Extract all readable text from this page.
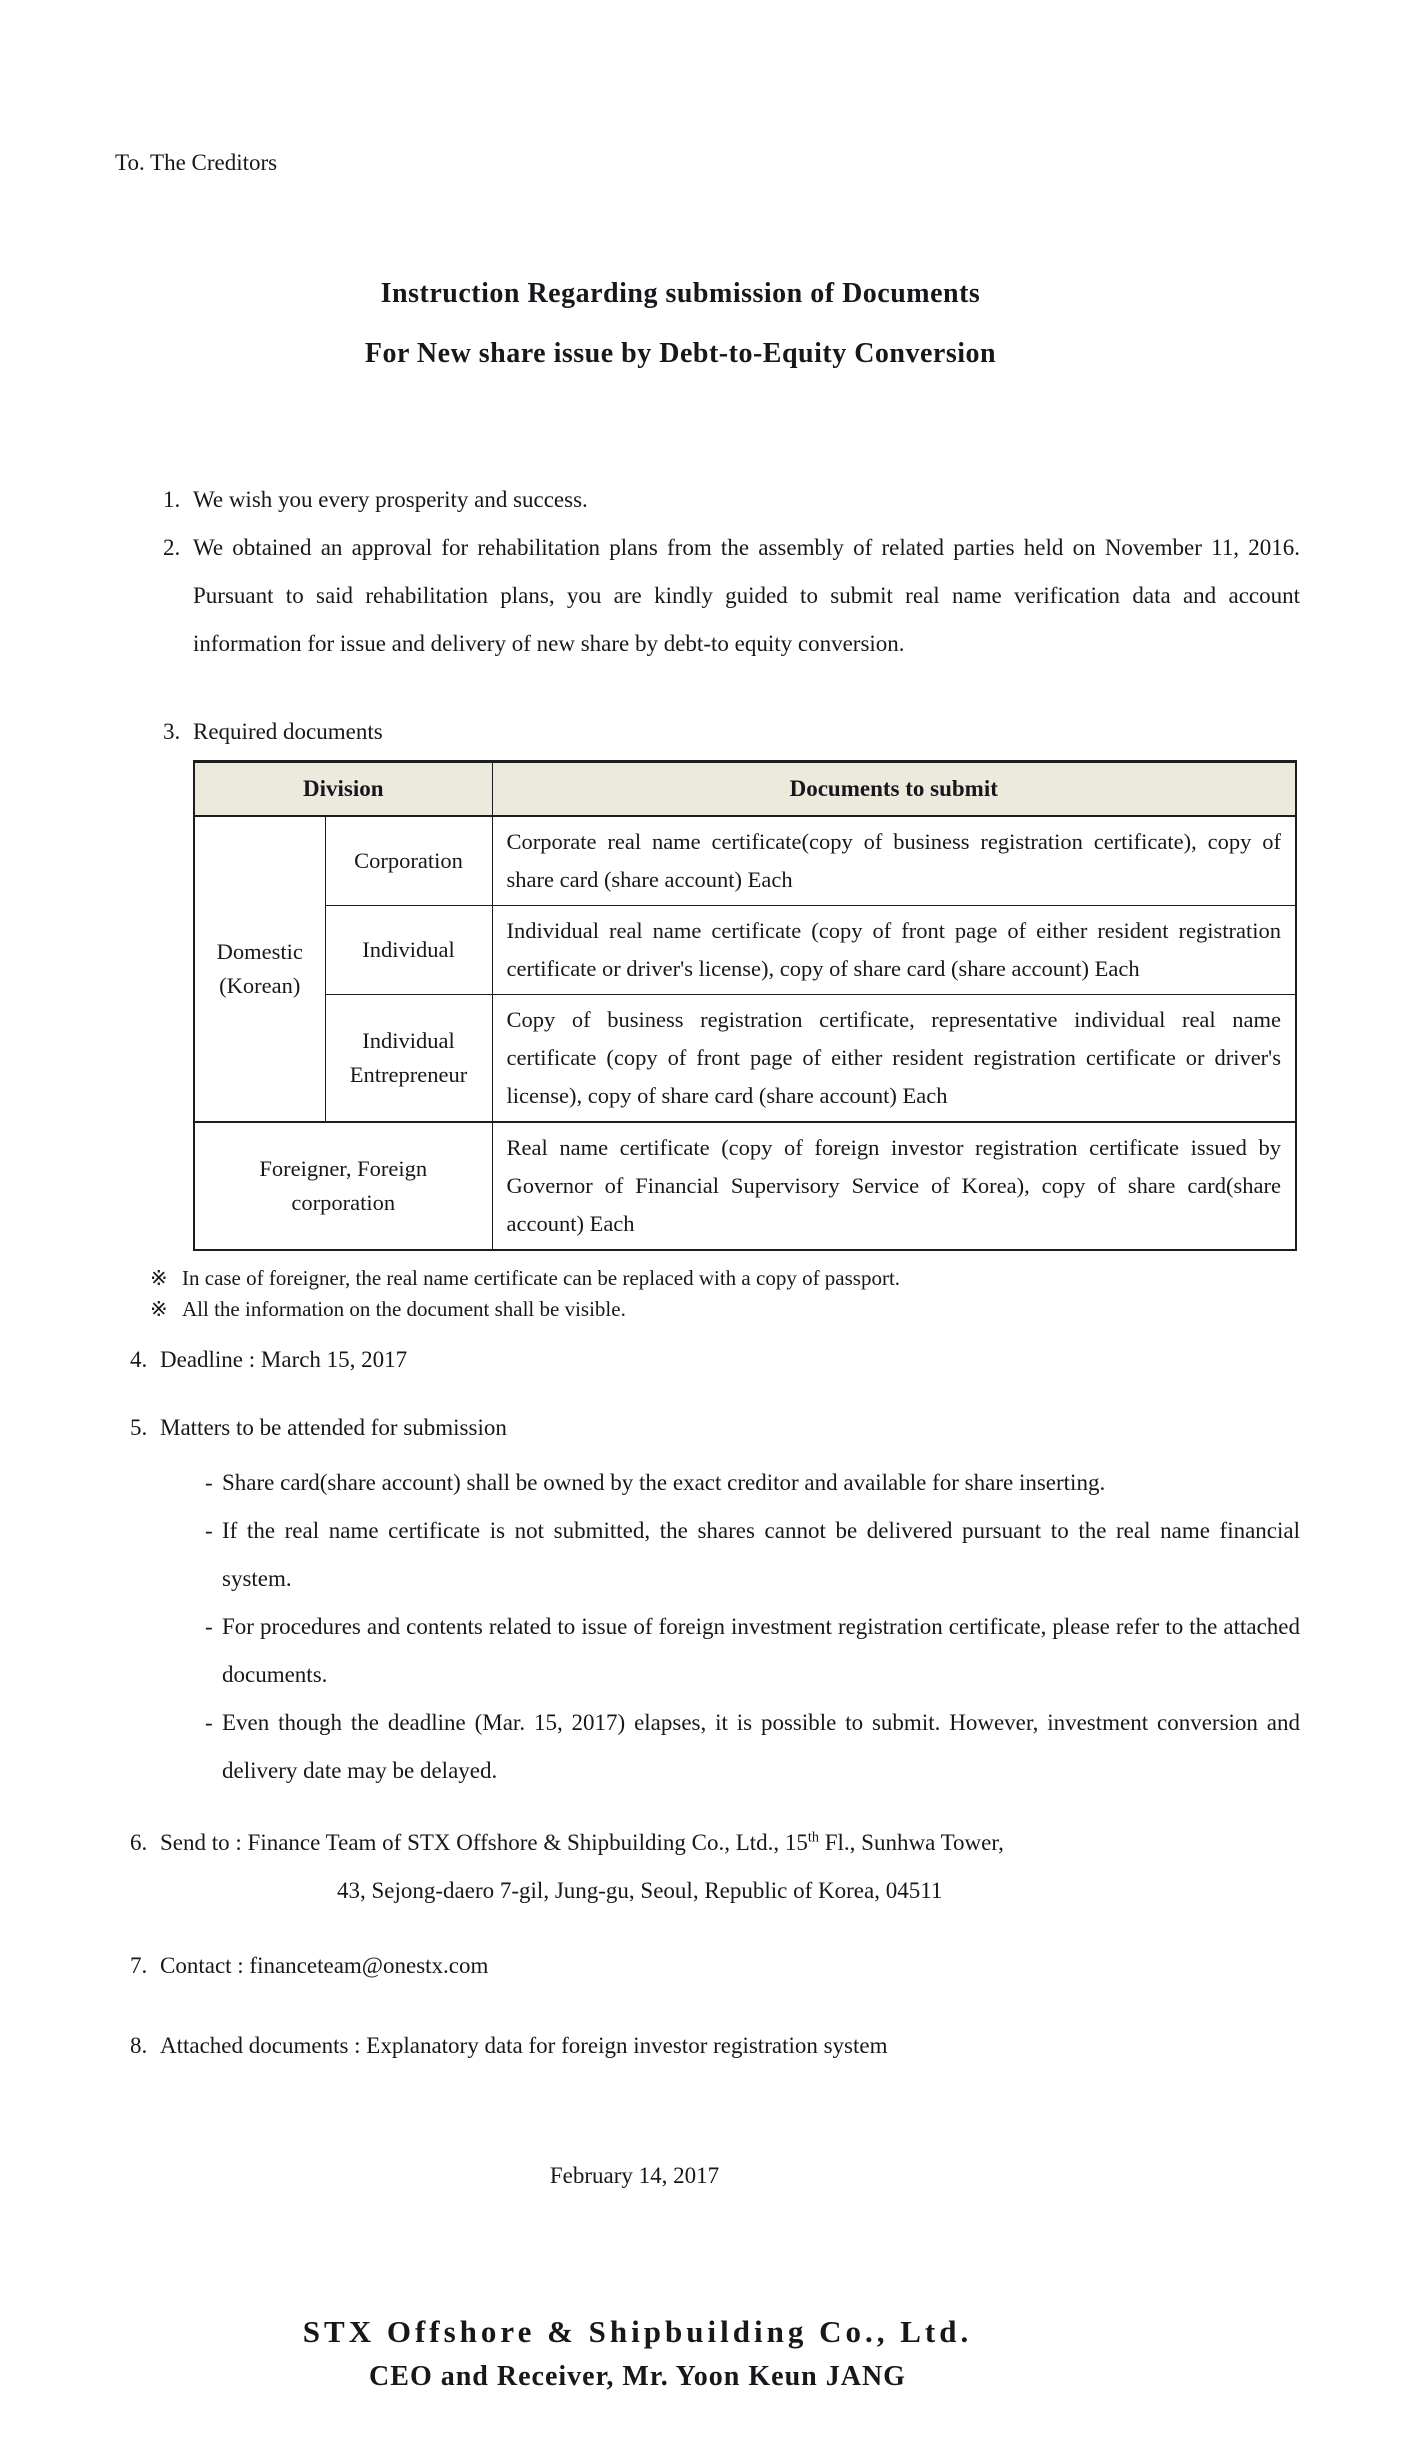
To. The Creditors
Instruction Regarding submission of Documents
For New share issue by Debt-to-Equity Conversion
1. We wish you every prosperity and success.
2. We obtained an approval for rehabilitation plans from the assembly of related parties held on November 11, 2016. Pursuant to said rehabilitation plans, you are kindly guided to submit real name verification data and account information for issue and delivery of new share by debt-to equity conversion.
3. Required documents
Division		Documents to submit
Domestic (Korean)	Corporation	Corporate real name certificate(copy of business registration certificate), copy of share card (share account) Each
	Individual	Individual real name certificate (copy of front page of either resident registration certificate or driver's license), copy of share card (share account) Each
	Individual Entrepreneur	Copy of business registration certificate, representative individual real name certificate (copy of front page of either resident registration certificate or driver's license), copy of share card (share account) Each
Foreigner, Foreign corporation		Real name certificate (copy of foreign investor registration certificate issued by Governor of Financial Supervisory Service of Korea), copy of share card(share account) Each
※ In case of foreigner, the real name certificate can be replaced with a copy of passport.
※ All the information on the document shall be visible.
4. Deadline : March 15, 2017
5. Matters to be attended for submission
- Share card(share account) shall be owned by the exact creditor and available for share inserting.
- If the real name certificate is not submitted, the shares cannot be delivered pursuant to the real name financial system.
- For procedures and contents related to issue of foreign investment registration certificate, please refer to the attached documents.
- Even though the deadline (Mar. 15, 2017) elapses, it is possible to submit. However, investment conversion and delivery date may be delayed.
6. Send to : Finance Team of STX Offshore & Shipbuilding Co., Ltd., 15th Fl., Sunhwa Tower,
43, Sejong-daero 7-gil, Jung-gu, Seoul, Republic of Korea, 04511
7. Contact : financeteam@onestx.com
8. Attached documents : Explanatory data for foreign investor registration system
February 14, 2017
STX Offshore & Shipbuilding Co., Ltd.
CEO and Receiver, Mr. Yoon Keun JANG
